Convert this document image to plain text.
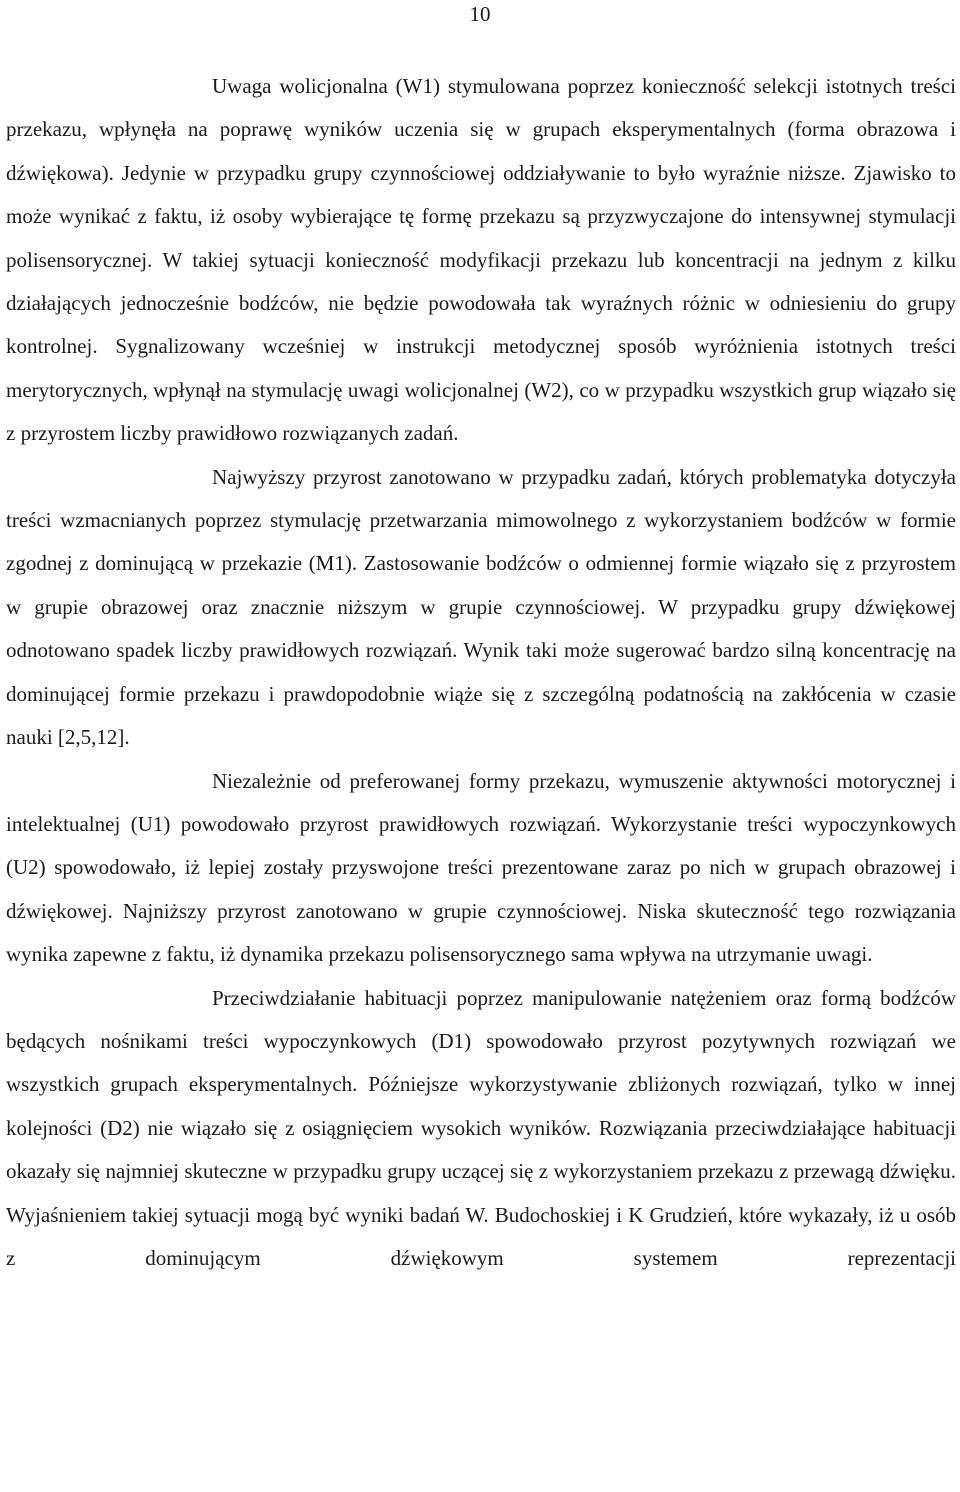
10

Uwaga wolicjonalna (W1) stymulowana poprzez konieczność selekcji istotnych treści przekazu, wpłynęła na poprawę wyników uczenia się w grupach eksperymentalnych (forma obrazowa i dźwiękowa). Jedynie w przypadku grupy czynnościowej oddziaływanie to było wyraźnie niższe. Zjawisko to może wynikać z faktu, iż osoby wybierające tę formę przekazu są przyzwyczajone do intensywnej stymulacji polisensorycznej. W takiej sytuacji konieczność modyfikacji przekazu lub koncentracji na jednym z kilku działających jednocześnie bodźców, nie będzie powodowała tak wyraźnych różnic w odniesieniu do grupy kontrolnej. Sygnalizowany wcześniej w instrukcji metodycznej sposób wyróżnienia istotnych treści merytorycznych, wpłynął na stymulację uwagi wolicjonalnej (W2), co w przypadku wszystkich grup wiązało się z przyrostem liczby prawidłowo rozwiązanych zadań.

Najwyższy przyrost zanotowano w przypadku zadań, których problematyka dotyczyła treści wzmacnianych poprzez stymulację przetwarzania mimowolnego z wykorzystaniem bodźców w formie zgodnej z dominującą w przekazie (M1). Zastosowanie bodźców o odmiennej formie wiązało się z przyrostem w grupie obrazowej oraz znacznie niższym w grupie czynnościowej. W przypadku grupy dźwiękowej odnotowano spadek liczby prawidłowych rozwiązań. Wynik taki może sugerować bardzo silną koncentrację na dominującej formie przekazu i prawdopodobnie wiąże się z szczególną podatnością na zakłócenia w czasie nauki [2,5,12].

Niezależnie od preferowanej formy przekazu, wymuszenie aktywności motorycznej i intelektualnej (U1) powodowało przyrost prawidłowych rozwiązań. Wykorzystanie treści wypoczynkowych (U2) spowodowało, iż lepiej zostały przyswojone treści prezentowane zaraz po nich w grupach obrazowej i dźwiękowej. Najniższy przyrost zanotowano w grupie czynnościowej. Niska skuteczność tego rozwiązania wynika zapewne z faktu, iż dynamika przekazu polisensorycznego sama wpływa na utrzymanie uwagi.

Przeciwdziałanie habituacji poprzez manipulowanie natężeniem oraz formą bodźców będących nośnikami treści wypoczynkowych (D1) spowodowało przyrost pozytywnych rozwiązań we wszystkich grupach eksperymentalnych. Późniejsze wykorzystywanie zbliżonych rozwiązań, tylko w innej kolejności (D2) nie wiązało się z osiągnięciem wysokich wyników. Rozwiązania przeciwdziałające habituacji okazały się najmniej skuteczne w przypadku grupy uczącej się z wykorzystaniem przekazu z przewagą dźwięku. Wyjaśnieniem takiej sytuacji mogą być wyniki badań W. Budochoskiej i K Grudzień, które wykazały, iż u osób z dominującym dźwiękowym systemem reprezentacji
